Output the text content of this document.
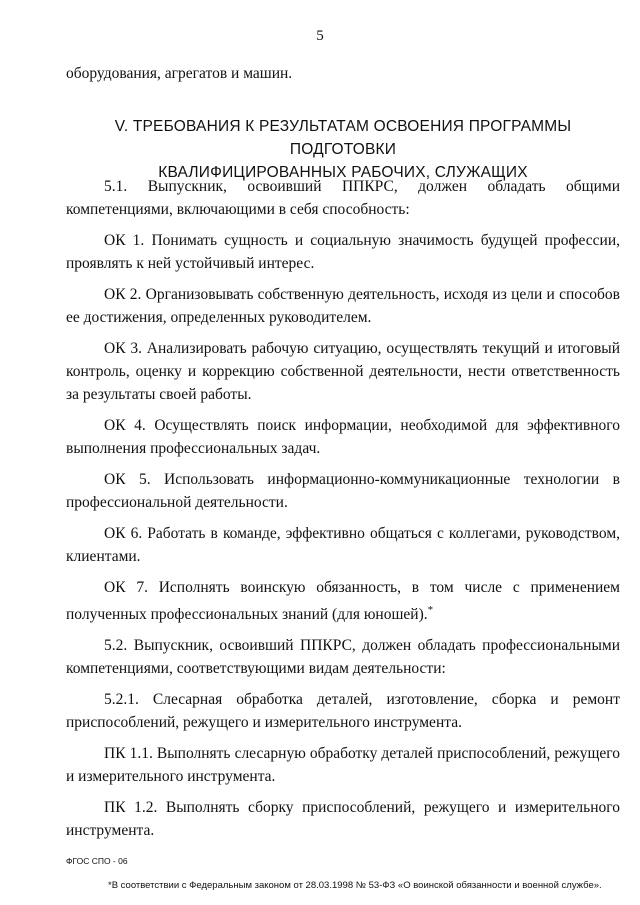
5

оборудования, агрегатов и машин.

V. ТРЕБОВАНИЯ К РЕЗУЛЬТАТАМ ОСВОЕНИЯ ПРОГРАММЫ ПОДГОТОВКИ
КВАЛИФИЦИРОВАННЫХ РАБОЧИХ, СЛУЖАЩИХ

5.1. Выпускник, освоивший ППКРС, должен обладать общими компетенциями, включающими в себя способность:

ОК 1. Понимать сущность и социальную значимость будущей профессии, проявлять к ней устойчивый интерес.

ОК 2. Организовывать собственную деятельность, исходя из цели и способов ее достижения, определенных руководителем.

ОК 3. Анализировать рабочую ситуацию, осуществлять текущий и итоговый контроль, оценку и коррекцию собственной деятельности, нести ответственность за результаты своей работы.

ОК 4. Осуществлять поиск информации, необходимой для эффективного выполнения профессиональных задач.

ОК 5. Использовать информационно-коммуникационные технологии в профессиональной деятельности.

ОК 6. Работать в команде, эффективно общаться с коллегами, руководством, клиентами.

ОК 7. Исполнять воинскую обязанность, в том числе с применением полученных профессиональных знаний (для юношей).*

5.2. Выпускник, освоивший ППКРС, должен обладать профессиональными компетенциями, соответствующими видам деятельности:

5.2.1. Слесарная обработка деталей, изготовление, сборка и ремонт приспособлений, режущего и измерительного инструмента.

ПК 1.1. Выполнять слесарную обработку деталей приспособлений, режущего и измерительного инструмента.

ПК 1.2. Выполнять сборку приспособлений, режущего и измерительного инструмента.

ФГОС СПО - 06
*В соответствии с Федеральным законом от 28.03.1998 № 53-ФЗ «О воинской обязанности и военной службе».
